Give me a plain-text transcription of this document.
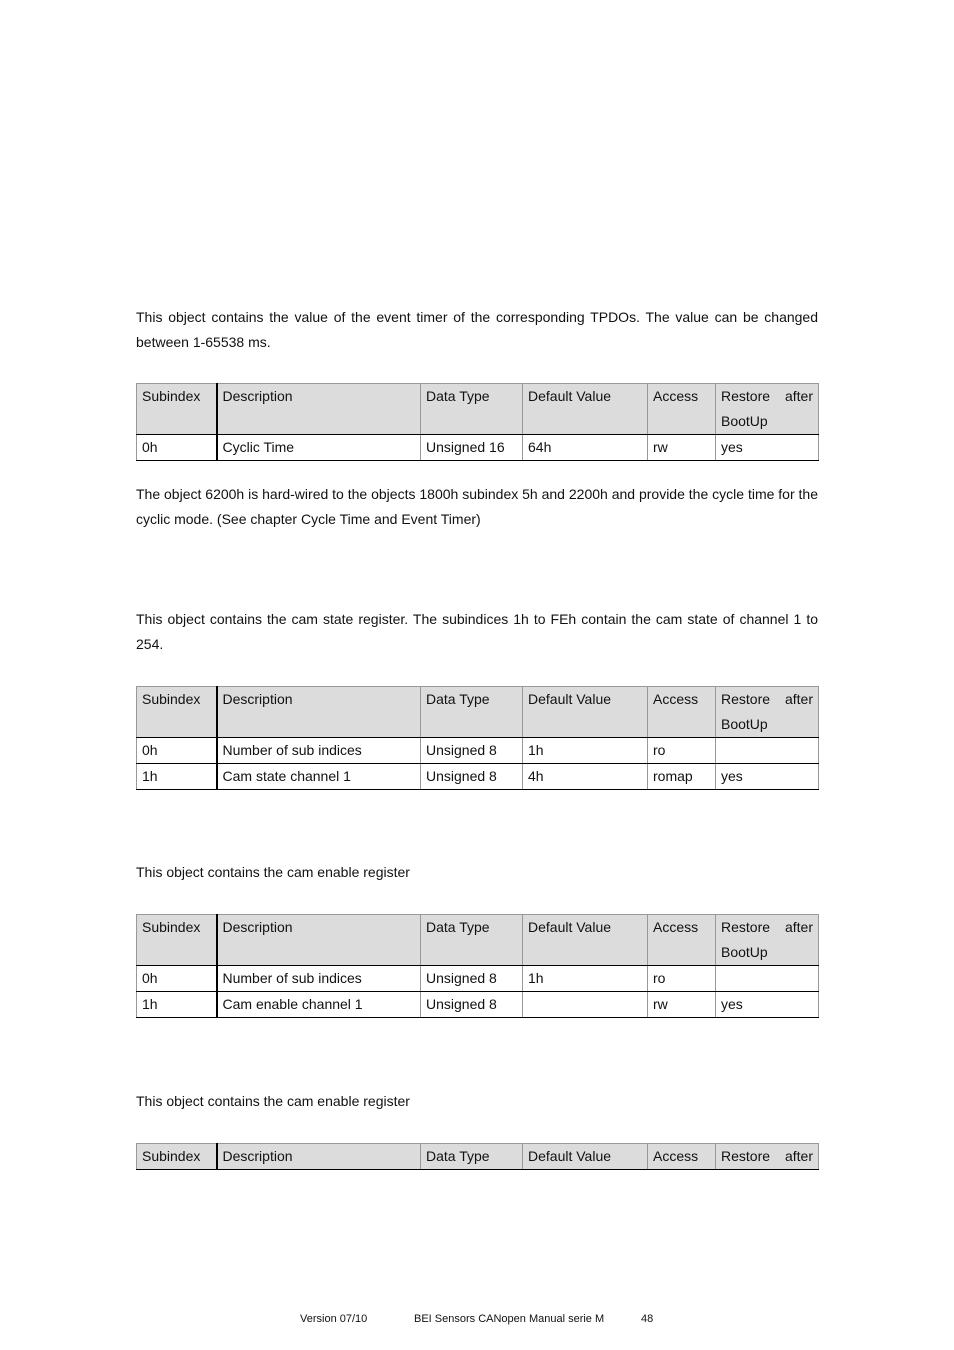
This object contains the value of the event timer of the corresponding TPDOs. The value can be changed between 1-65538 ms.

Subindex	Description	Data Type	Default Value	Access	Restore after
BootUp

0h	Cyclic Time	Unsigned 16	64h	rw	yes

The object 6200h is hard-wired to the objects 1800h subindex 5h and 2200h and provide the cycle time for the cyclic mode. (See chapter Cycle Time and Event Timer)

This object contains the cam state register. The subindices 1h to FEh contain the cam state of channel 1 to 254.

Subindex	Description	Data Type	Default Value	Access	Restore after
BootUp

0h	Number of sub indices	Unsigned 8	1h	ro	
1h	Cam state channel 1	Unsigned 8	4h	romap	yes

This object contains the cam enable register

Subindex	Description	Data Type	Default Value	Access	Restore after
BootUp

0h	Number of sub indices	Unsigned 8	1h	ro	
1h	Cam enable channel 1	Unsigned 8		rw	yes

This object contains the cam enable register

Subindex	Description	Data Type	Default Value	Access	Restore after
Version 07/10	BEI Sensors CANopen Manual serie M	48
